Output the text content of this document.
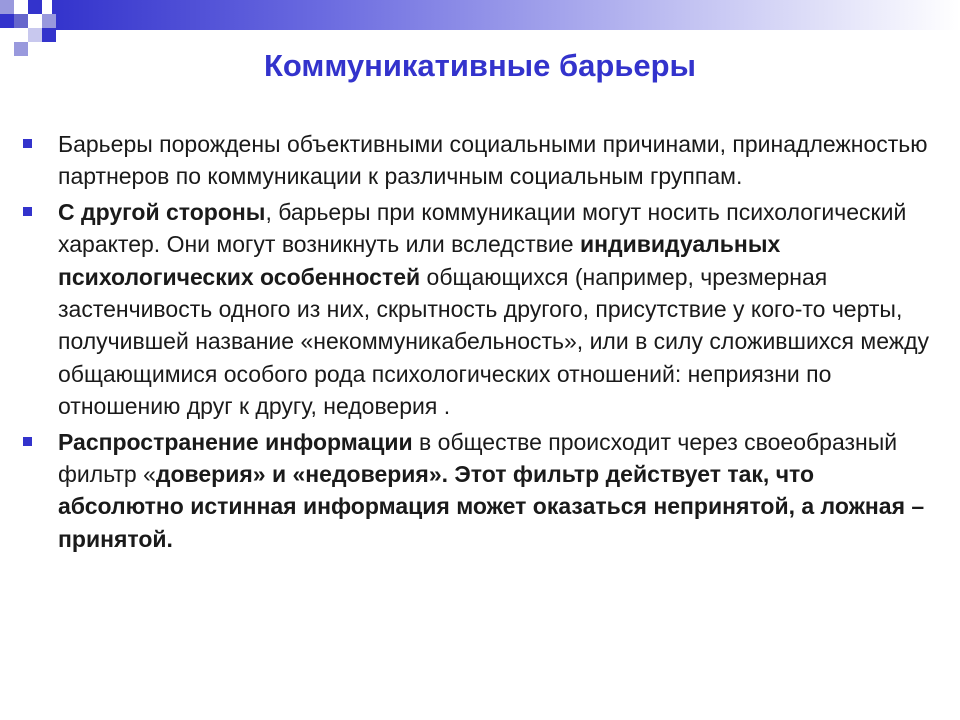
Коммуникативные барьеры
Барьеры порождены объективными социальными причинами, принадлежностью партнеров по коммуникации к различным социальным группам.
С другой стороны, барьеры при коммуникации могут носить психологический характер. Они могут возникнуть или вследствие индивидуальных психологических особенностей общающихся (например, чрезмерная застенчивость одного из них, скрытность другого, присутствие у кого-то черты, получившей название «некоммуникабельность», или в силу сложившихся между общающимися особого рода психологических отношений: неприязни по отношению друг к другу, недоверия .
Распространение информации в обществе происходит через своеобразный фильтр «доверия» и «недоверия». Этот фильтр действует так, что абсолютно истинная информация может оказаться непринятой, а ложная – принятой.
